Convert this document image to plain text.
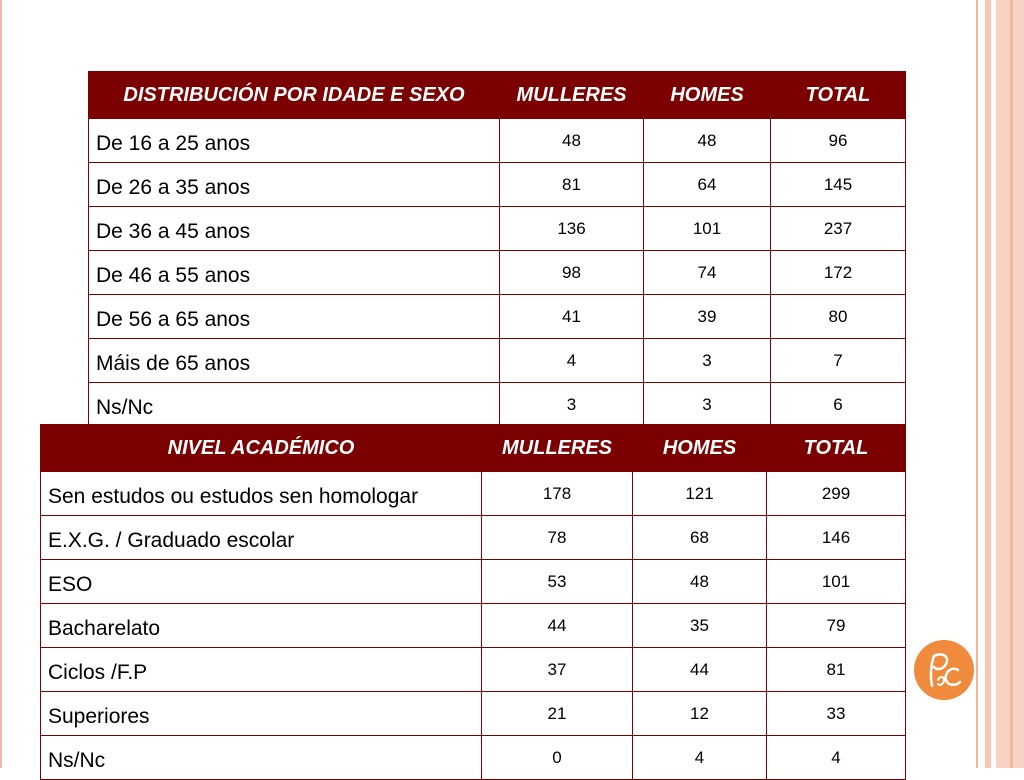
DISTRIBUCIÓN POR IDADE E SEXO	MULLERES	HOMES	TOTAL
De 16 a 25 anos	48	48	96
De 26 a 35 anos	81	64	145
De 36 a 45 anos	136	101	237
De 46 a 55 anos	98	74	172
De 56 a 65 anos	41	39	80
Máis de 65 anos	4	3	7
Ns/Nc	3	3	6
NIVEL ACADÉMICO	MULLERES	HOMES	TOTAL
Sen estudos ou estudos sen homologar	178	121	299
E.X.G. / Graduado escolar	78	68	146
ESO	53	48	101
Bacharelato	44	35	79
Ciclos /F.P	37	44	81
Superiores	21	12	33
Ns/Nc	0	4	4
